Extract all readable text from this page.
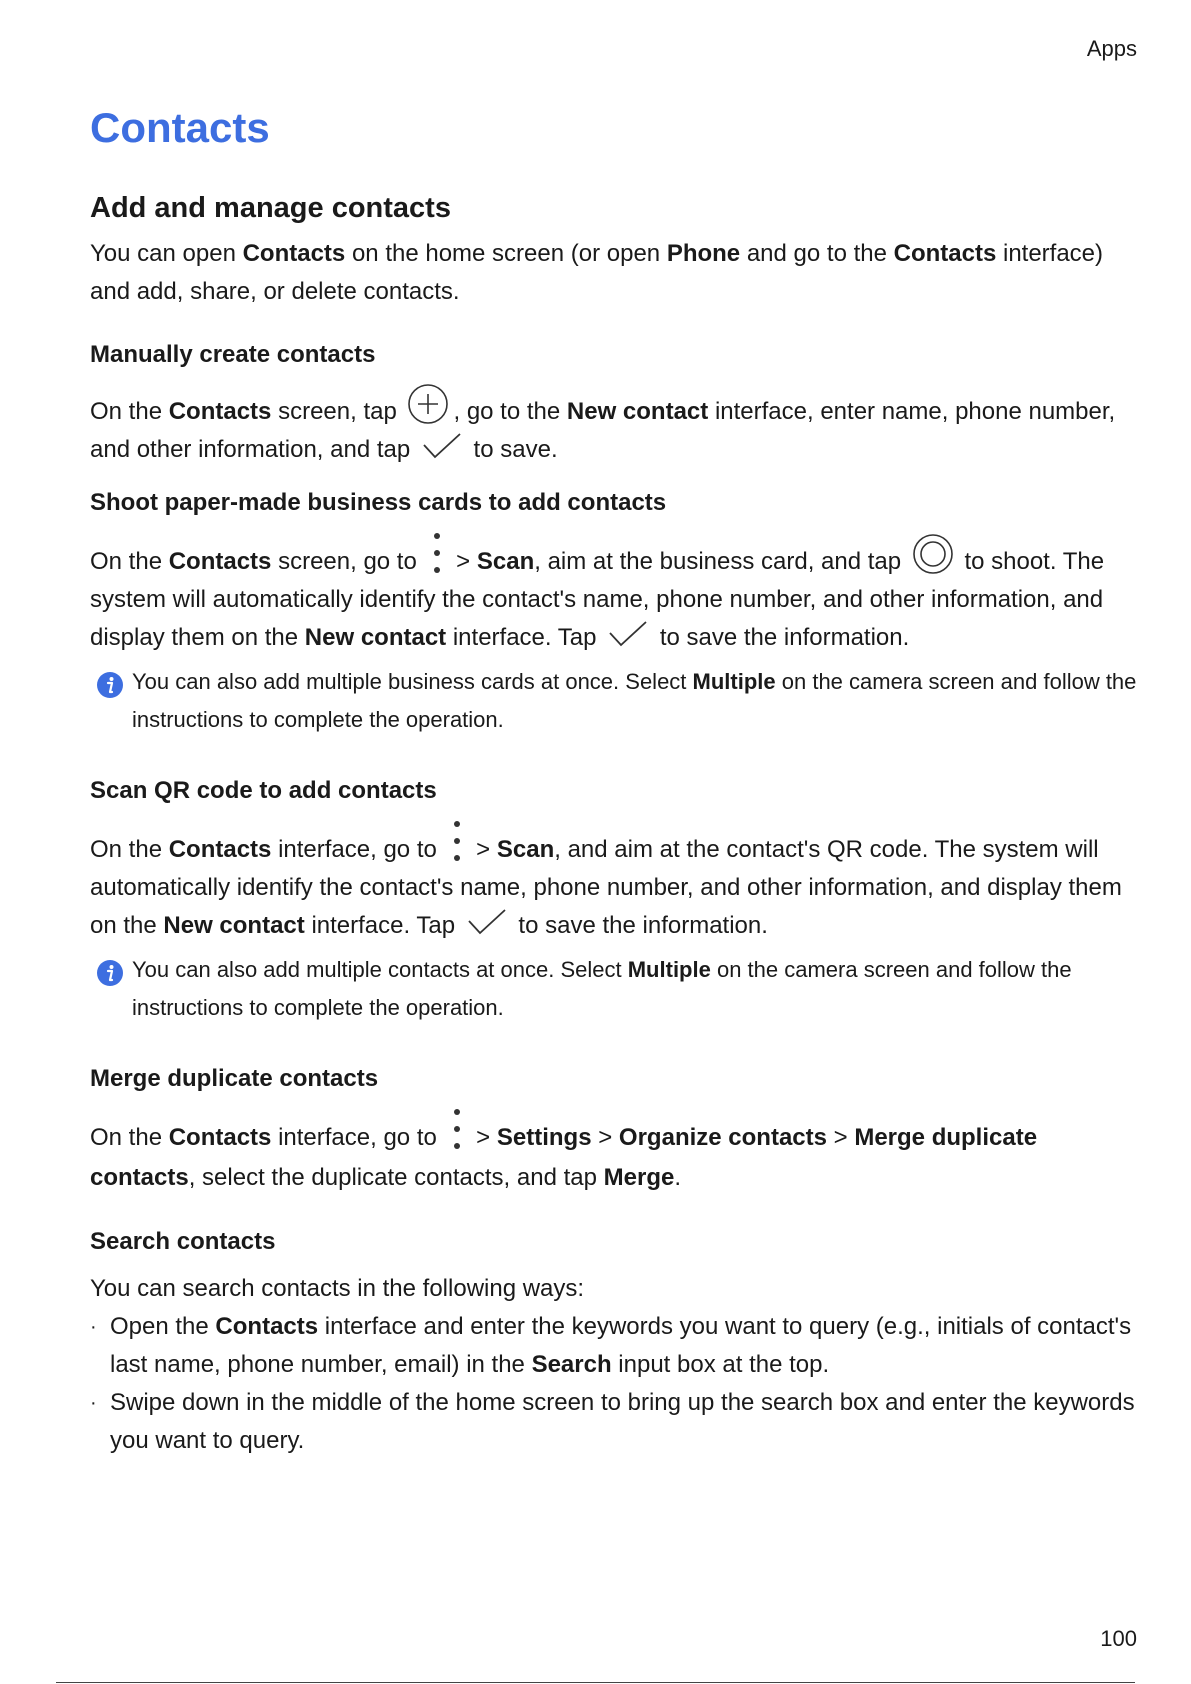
Apps
Contacts
Add and manage contacts

You can open Contacts on the home screen (or open Phone and go to the Contacts interface) and add, share, or delete contacts.

Manually create contacts

On the Contacts screen, tap
, go to the New contact interface, enter name, phone number, and other information, and tap
to save.

Shoot paper-made business cards to add contacts

On the Contacts screen, go to
> Scan, aim at the business card, and tap
to shoot. The system will automatically identify the contact's name, phone number, and other information, and display them on the New contact interface. Tap
to save the information.

You can also add multiple business cards at once. Select Multiple on the camera screen and follow the instructions to complete the operation.
Scan QR code to add contacts

On the Contacts interface, go to
> Scan, and aim at the contact's QR code. The system will automatically identify the contact's name, phone number, and other information, and display them on the New contact interface. Tap
to save the information.

You can also add multiple contacts at once. Select Multiple on the camera screen and follow the instructions to complete the operation.
Merge duplicate contacts

On the Contacts interface, go to
> Settings > Organize contacts > Merge duplicate contacts, select the duplicate contacts, and tap Merge.

Search contacts

You can search contacts in the following ways:

· Open the Contacts interface and enter the keywords you want to query (e.g., initials of contact's last name, phone number, email) in the Search input box at the top.
· Swipe down in the middle of the home screen to bring up the search box and enter the keywords you want to query.
100
